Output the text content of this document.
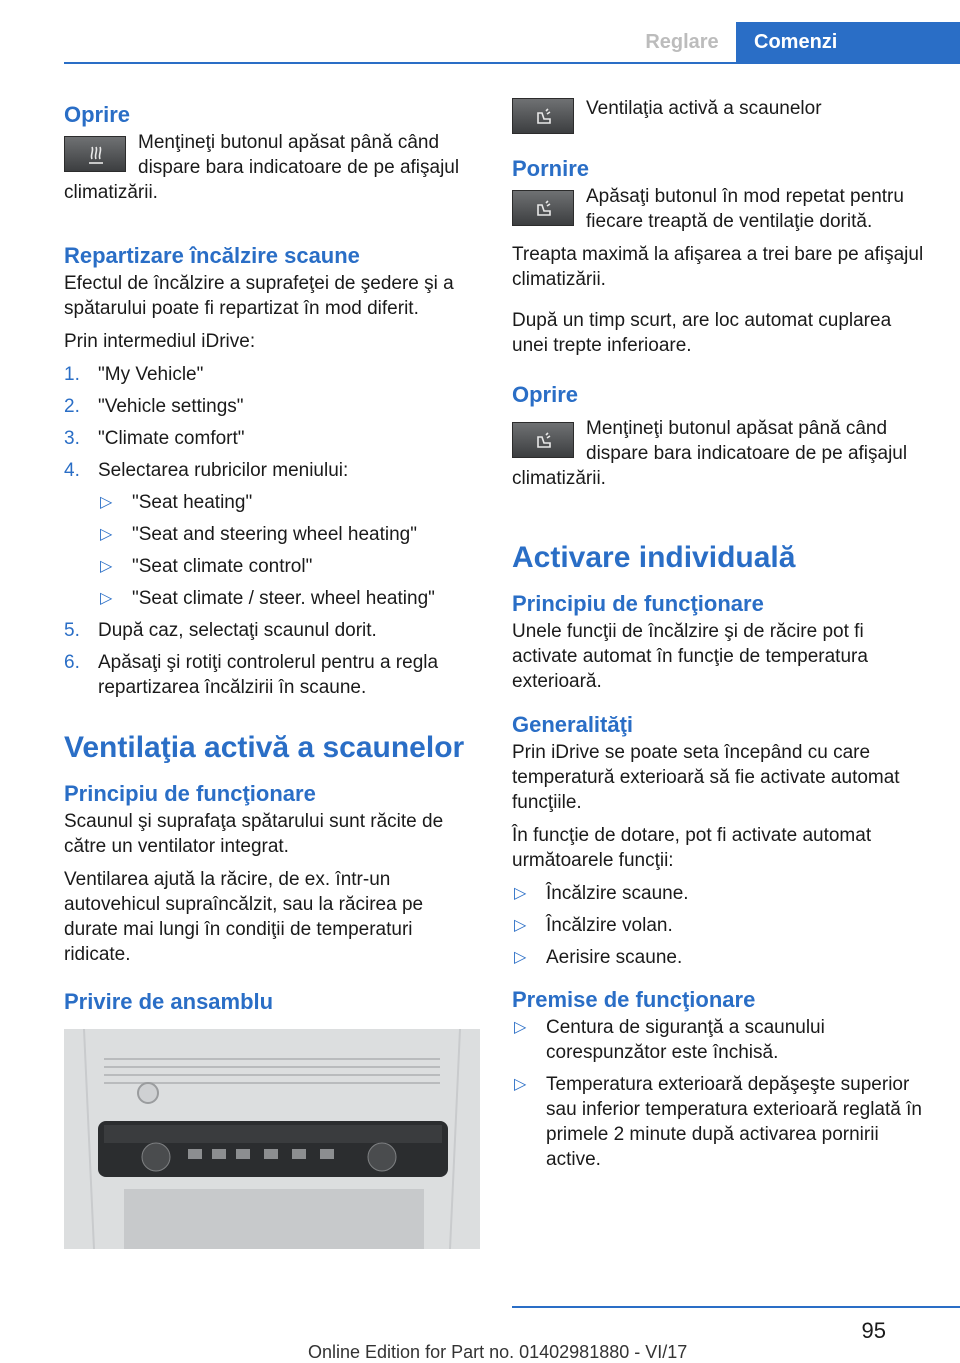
Reglare	Comenzi
Oprire

Menţineţi butonul apăsat până când dispare bara indicatoare de pe afişajul climatizării.

Repartizare încălzire scaune

Efectul de încălzire a suprafeţei de şedere şi a spătarului poate fi repartizat în mod diferit.

Prin intermediul iDrive:

1. "My Vehicle"
2. "Vehicle settings"
3. "Climate comfort"
4. Selectarea rubricilor meniului:
▷ "Seat heating"
▷ "Seat and steering wheel heating"
▷ "Seat climate control"
▷ "Seat climate / steer. wheel heating"
5. După caz, selectaţi scaunul dorit.
6. Apăsaţi şi rotiţi controlerul pentru a regla repartizarea încălzirii în scaune.
Ventilaţia activă a scaunelor
Principiu de funcţionare

Scaunul şi suprafaţa spătarului sunt răcite de către un ventilator integrat.

Ventilarea ajută la răcire, de ex. într-un autovehicul supraîncălzit, sau la răcirea pe durate mai lungi în condiţii de temperaturi ridicate.

Privire de ansamblu

Ventilaţia activă a scaunelor

Pornire

Apăsaţi butonul în mod repetat pentru fiecare treaptă de ventilaţie dorită.

Treapta maximă la afişarea a trei bare pe afişajul climatizării.

După un timp scurt, are loc automat cuplarea unei trepte inferioare.

Oprire

Menţineţi butonul apăsat până când dispare bara indicatoare de pe afişajul climatizării.

Activare individuală
Principiu de funcţionare

Unele funcţii de încălzire şi de răcire pot fi activate automat în funcţie de temperatura exterioară.

Generalităţi

Prin iDrive se poate seta începând cu care temperatură exterioară să fie activate automat funcţiile.

În funcţie de dotare, pot fi activate automat următoarele funcţii:

▷ Încălzire scaune.
▷ Încălzire volan.
▷ Aerisire scaune.
Premise de funcţionare
▷ Centura de siguranţă a scaunului corespunzător este închisă.
▷ Temperatura exterioară depăşeşte superior sau inferior temperatura exterioară reglată în primele 2 minute după activarea pornirii active.
95
Online Edition for Part no. 01402981880 - VI/17
